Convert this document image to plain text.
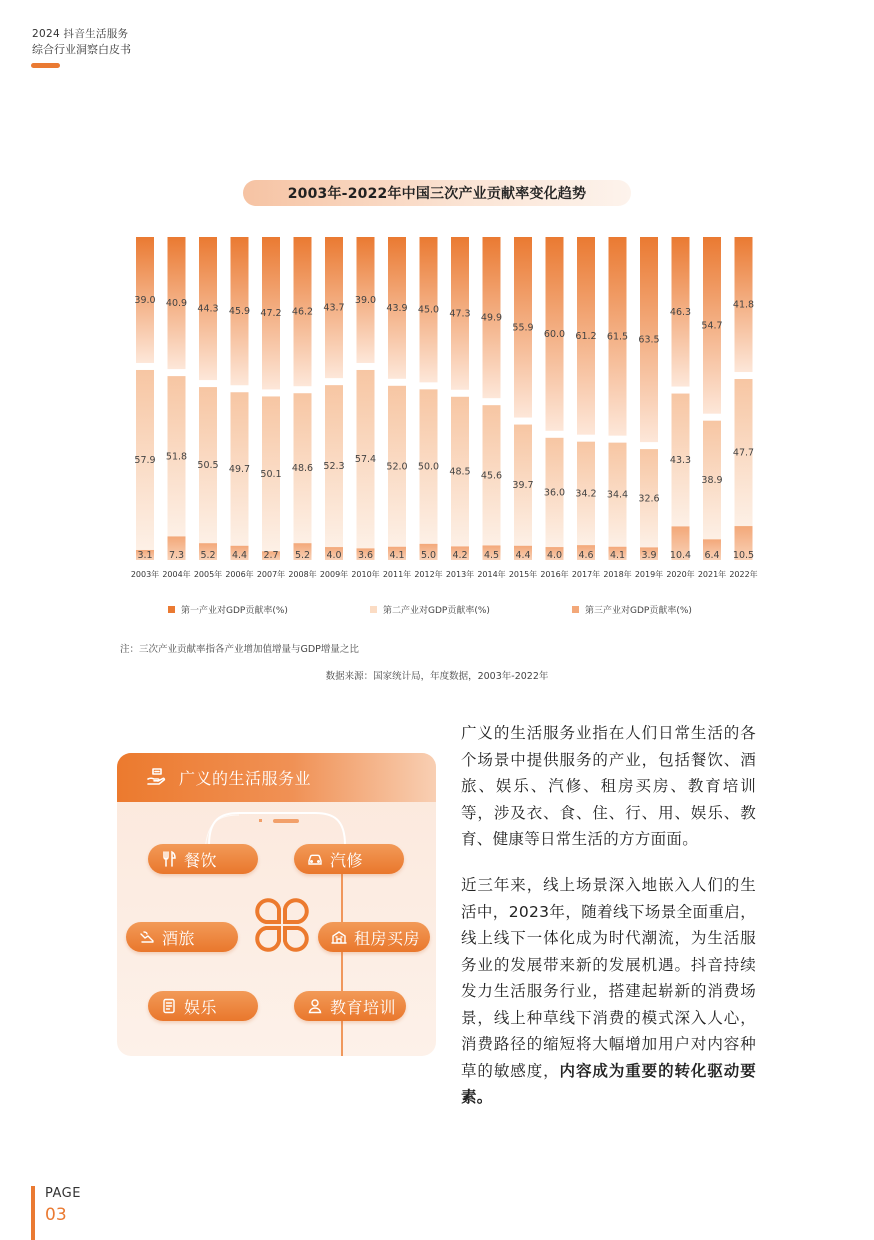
2024 抖音生活服务
综合行业洞察白皮书
2003年-2022年中国三次产业贡献率变化趋势
39.0
57.9
3.1
40.9
51.8
7.3
44.3
50.5
5.2
45.9
49.7
4.4
47.2
50.1
2.7
46.2
48.6
5.2
43.7
52.3
4.0
39.0
57.4
3.6
43.9
52.0
4.1
45.0
50.0
5.0
47.3
48.5
4.2
49.9
45.6
4.5
55.9
39.7
4.4
60.0
36.0
4.0
61.2
34.2
4.6
61.5
34.4
4.1
63.5
32.6
3.9
46.3
43.3
10.4
54.7
38.9
6.4
41.8
47.7
10.5
2003年 2004年 2005年 2006年 2007年 2008年 2009年 2010年 2011年 2012年 2013年 2014年 2015年 2016年 2017年 2018年 2019年 2020年 2021年 2022年
第一产业对GDP贡献率(%)	第二产业对GDP贡献率(%)	第三产业对GDP贡献率(%)
注：三次产业贡献率指各产业增加值增量与GDP增量之比
数据来源：国家统计局，年度数据，2003年-2022年
广义的生活服务业
餐饮	汽修
酒旅	租房买房
娱乐	教育培训
广义的生活服务业指在人们日常生活的各个场景中提供服务的产业，包括餐饮、酒旅、娱乐、汽修、租房买房、教育培训等，涉及衣、食、住、行、用、娱乐、教育、健康等日常生活的方方面面。
近三年来，线上场景深入地嵌入人们的生活中，2023年，随着线下场景全面重启，线上线下一体化成为时代潮流，为生活服务业的发展带来新的发展机遇。抖音持续发力生活服务行业，搭建起崭新的消费场景，线上种草线下消费的模式深入人心，消费路径的缩短将大幅增加用户对内容种草的敏感度，内容成为重要的转化驱动要素。
PAGE
03
